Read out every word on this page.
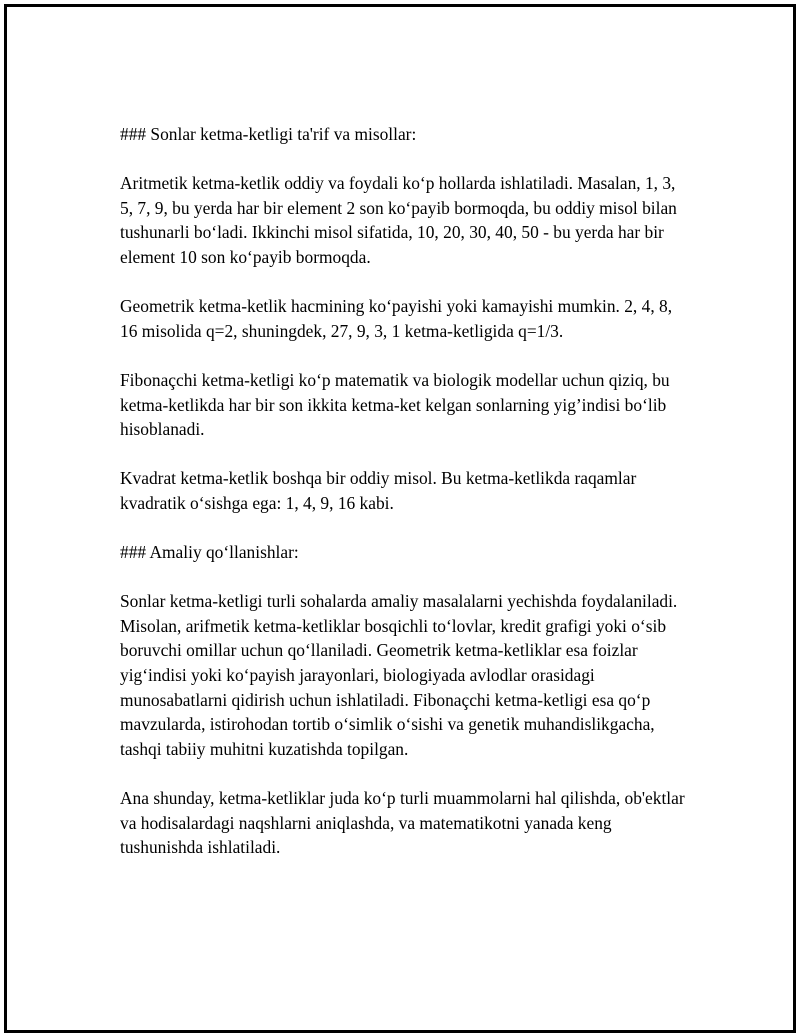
### Sonlar ketma-ketligi ta'rif va misollar:

Aritmetik ketma-ketlik oddiy va foydali ko‘p hollarda ishlatiladi. Masalan, 1, 3, 5, 7, 9, bu yerda har bir element 2 son ko‘payib bormoqda, bu oddiy misol bilan tushunarli bo‘ladi. Ikkinchi misol sifatida, 10, 20, 30, 40, 50 - bu yerda har bir element 10 son ko‘payib bormoqda.

Geometrik ketma-ketlik hacmining ko‘payishi yoki kamayishi mumkin. 2, 4, 8, 16 misolida q=2, shuningdek, 27, 9, 3, 1 ketma-ketligida q=1/3.

Fibonaçchi ketma-ketligi ko‘p matematik va biologik modellar uchun qiziq, bu ketma-ketlikda har bir son ikkita ketma-ket kelgan sonlarning yig’indisi bo‘lib hisoblanadi.

Kvadrat ketma-ketlik boshqa bir oddiy misol. Bu ketma-ketlikda raqamlar kvadratik o‘sishga ega: 1, 4, 9, 16 kabi.

### Amaliy qo‘llanishlar:

Sonlar ketma-ketligi turli sohalarda amaliy masalalarni yechishda foydalaniladi. Misolan, arifmetik ketma-ketliklar bosqichli to‘lovlar, kredit grafigi yoki o‘sib boruvchi omillar uchun qo‘llaniladi. Geometrik ketma-ketliklar esa foizlar yig‘indisi yoki ko‘payish jarayonlari, biologiyada avlodlar orasidagi munosabatlarni qidirish uchun ishlatiladi. Fibonaçchi ketma-ketligi esa qo‘p mavzularda, istirohodan tortib o‘simlik o‘sishi va genetik muhandislikgacha, tashqi tabiiy muhitni kuzatishda topilgan.

Ana shunday, ketma-ketliklar juda ko‘p turli muammolarni hal qilishda, ob'ektlar va hodisalardagi naqshlarni aniqlashda, va matematikotni yanada keng tushunishda ishlatiladi.
